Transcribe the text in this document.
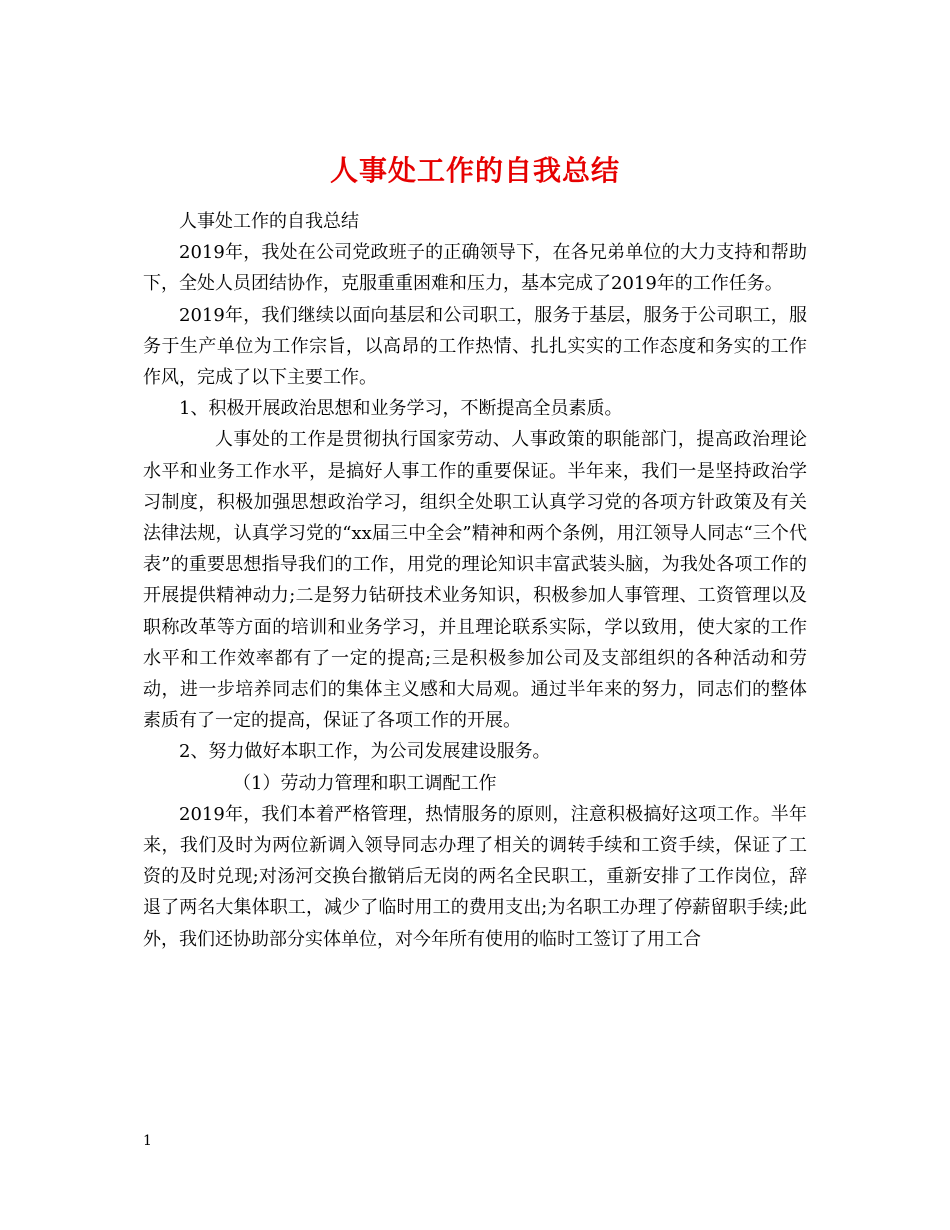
人事处工作的自我总结

人事处工作的自我总结

2019年，我处在公司党政班子的正确领导下，在各兄弟单位的大力支持和帮助下，全处人员团结协作，克服重重困难和压力，基本完成了2019年的工作任务。

2019年，我们继续以面向基层和公司职工，服务于基层，服务于公司职工，服务于生产单位为工作宗旨，以高昂的工作热情、扎扎实实的工作态度和务实的工作作风，完成了以下主要工作。

1、积极开展政治思想和业务学习，不断提高全员素质。

人事处的工作是贯彻执行国家劳动、人事政策的职能部门，提高政治理论水平和业务工作水平，是搞好人事工作的重要保证。半年来，我们一是坚持政治学习制度，积极加强思想政治学习，组织全处职工认真学习党的各项方针政策及有关法律法规，认真学习党的“xx届三中全会”精神和两个条例，用江领导人同志“三个代表”的重要思想指导我们的工作，用党的理论知识丰富武装头脑，为我处各项工作的开展提供精神动力;二是努力钻研技术业务知识，积极参加人事管理、工资管理以及职称改革等方面的培训和业务学习，并且理论联系实际，学以致用，使大家的工作水平和工作效率都有了一定的提高;三是积极参加公司及支部组织的各种活动和劳动，进一步培养同志们的集体主义感和大局观。通过半年来的努力，同志们的整体素质有了一定的提高，保证了各项工作的开展。

2、努力做好本职工作，为公司发展建设服务。

（1）劳动力管理和职工调配工作

2019年，我们本着严格管理，热情服务的原则，注意积极搞好这项工作。半年来，我们及时为两位新调入领导同志办理了相关的调转手续和工资手续，保证了工资的及时兑现;对汤河交换台撤销后无岗的两名全民职工，重新安排了工作岗位，辞退了两名大集体职工，减少了临时用工的费用支出;为名职工办理了停薪留职手续;此外，我们还协助部分实体单位，对今年所有使用的临时工签订了用工合

1
